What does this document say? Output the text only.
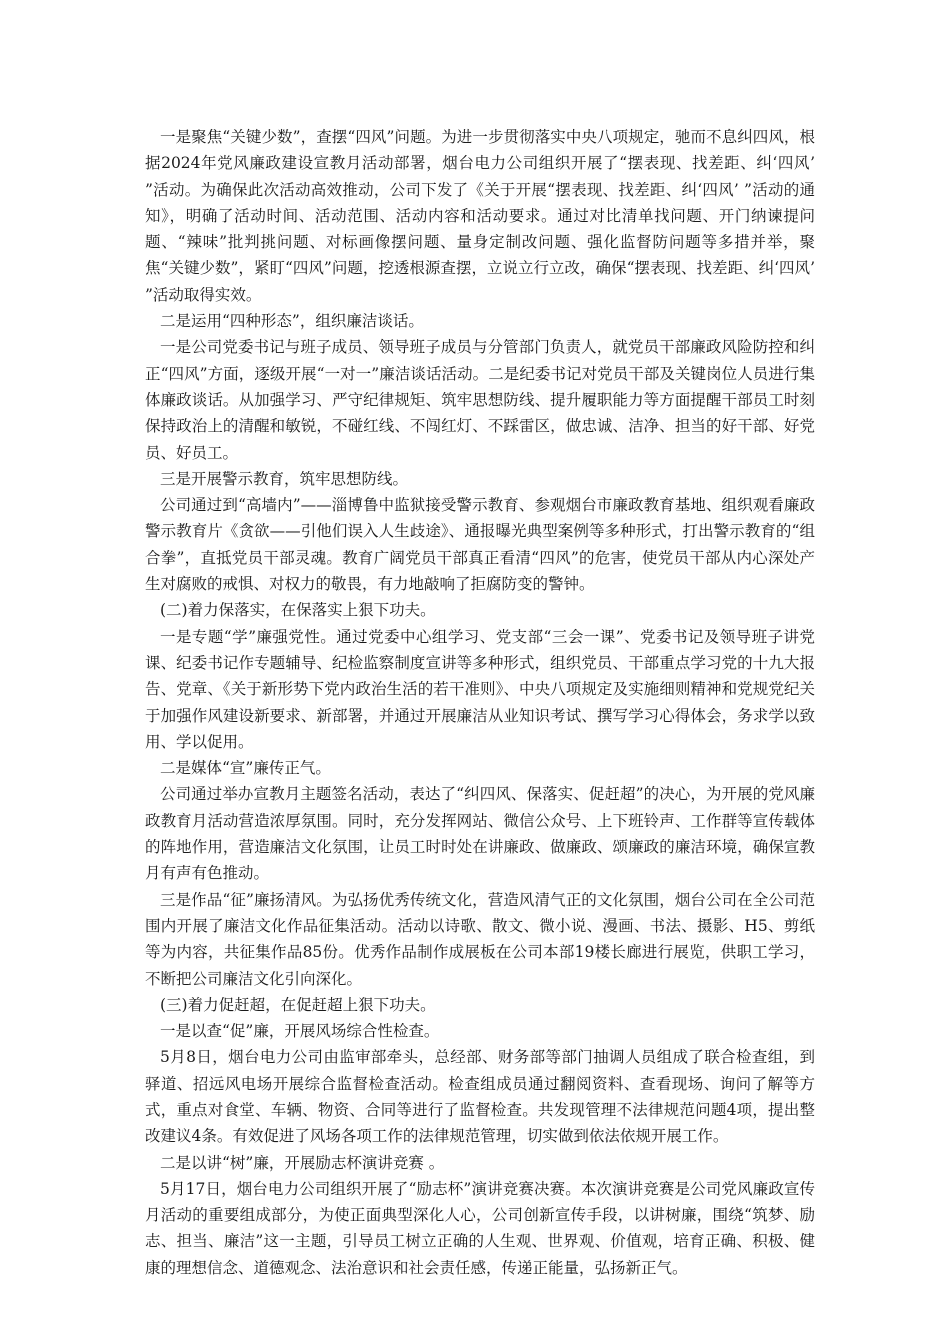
一是聚焦“关键少数”，查摆“四风”问题。为进一步贯彻落实中央八项规定，驰而不息纠四风，根据2024年党风廉政建设宣教月活动部署，烟台电力公司组织开展了“摆表现、找差距、纠‘四风’ ”活动。为确保此次活动高效推动，公司下发了《关于开展“摆表现、找差距、纠‘四风’ ”活动的通知》，明确了活动时间、活动范围、活动内容和活动要求。通过对比清单找问题、开门纳谏提问题、“辣味”批判挑问题、对标画像摆问题、量身定制改问题、强化监督防问题等多措并举，聚焦“关键少数”，紧盯“四风”问题，挖透根源查摆，立说立行立改，确保“摆表现、找差距、纠‘四风’ ”活动取得实效。

二是运用“四种形态”，组织廉洁谈话。

一是公司党委书记与班子成员、领导班子成员与分管部门负责人，就党员干部廉政风险防控和纠正“四风”方面，逐级开展“一对一”廉洁谈话活动。二是纪委书记对党员干部及关键岗位人员进行集体廉政谈话。从加强学习、严守纪律规矩、筑牢思想防线、提升履职能力等方面提醒干部员工时刻保持政治上的清醒和敏锐，不碰红线、不闯红灯、不踩雷区，做忠诚、洁净、担当的好干部、好党员、好员工。

三是开展警示教育，筑牢思想防线。

公司通过到“高墙内”——淄博鲁中监狱接受警示教育、参观烟台市廉政教育基地、组织观看廉政警示教育片《贪欲——引他们误入人生歧途》、通报曝光典型案例等多种形式，打出警示教育的“组合拳”，直抵党员干部灵魂。教育广阔党员干部真正看清“四风”的危害，使党员干部从内心深处产生对腐败的戒惧、对权力的敬畏，有力地敲响了拒腐防变的警钟。

(二)着力保落实，在保落实上狠下功夫。

一是专题“学”廉强党性。通过党委中心组学习、党支部“三会一课”、党委书记及领导班子讲党课、纪委书记作专题辅导、纪检监察制度宣讲等多种形式，组织党员、干部重点学习党的十九大报告、党章、《关于新形势下党内政治生活的若干准则》、中央八项规定及实施细则精神和党规党纪关于加强作风建设新要求、新部署，并通过开展廉洁从业知识考试、撰写学习心得体会，务求学以致用、学以促用。

二是媒体“宣”廉传正气。

公司通过举办宣教月主题签名活动，表达了“纠四风、保落实、促赶超”的决心，为开展的党风廉政教育月活动营造浓厚氛围。同时，充分发挥网站、微信公众号、上下班铃声、工作群等宣传载体的阵地作用，营造廉洁文化氛围，让员工时时处在讲廉政、做廉政、颂廉政的廉洁环境，确保宣教月有声有色推动。

三是作品“征”廉扬清风。为弘扬优秀传统文化，营造风清气正的文化氛围，烟台公司在全公司范围内开展了廉洁文化作品征集活动。活动以诗歌、散文、微小说、漫画、书法、摄影、H5、剪纸等为内容，共征集作品85份。优秀作品制作成展板在公司本部19楼长廊进行展览，供职工学习，不断把公司廉洁文化引向深化。

(三)着力促赶超，在促赶超上狠下功夫。

一是以查“促”廉，开展风场综合性检查。

5月8日，烟台电力公司由监审部牵头，总经部、财务部等部门抽调人员组成了联合检查组，到驿道、招远风电场开展综合监督检查活动。检查组成员通过翻阅资料、查看现场、询问了解等方式，重点对食堂、车辆、物资、合同等进行了监督检查。共发现管理不法律规范问题4项，提出整改建议4条。有效促进了风场各项工作的法律规范管理，切实做到依法依规开展工作。

二是以讲“树”廉，开展励志杯演讲竞赛 。

5月17日，烟台电力公司组织开展了“励志杯”演讲竞赛决赛。本次演讲竞赛是公司党风廉政宣传月活动的重要组成部分，为使正面典型深化人心，公司创新宣传手段，以讲树廉，围绕“筑梦、励志、担当、廉洁”这一主题，引导员工树立正确的人生观、世界观、价值观，培育正确、积极、健康的理想信念、道德观念、法治意识和社会责任感，传递正能量，弘扬新正气。
